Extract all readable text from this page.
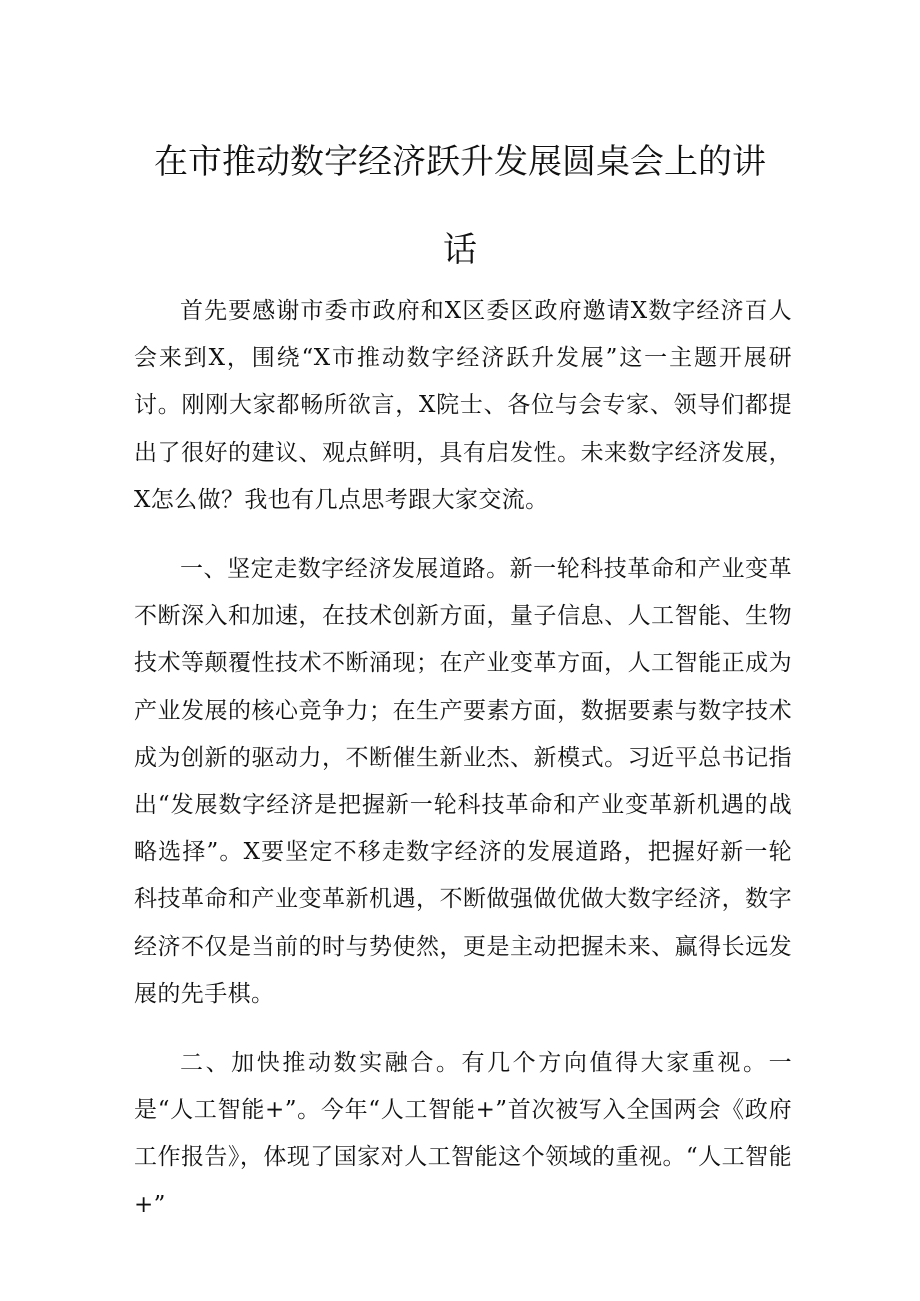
在市推动数字经济跃升发展圆桌会上的讲话

首先要感谢市委市政府和X区委区政府邀请X数字经济百人会来到X，围绕“X市推动数字经济跃升发展”这一主题开展研讨。刚刚大家都畅所欲言，X院士、各位与会专家、领导们都提出了很好的建议、观点鲜明，具有启发性。未来数字经济发展，X怎么做？我也有几点思考跟大家交流。

一、坚定走数字经济发展道路。新一轮科技革命和产业变革不断深入和加速，在技术创新方面，量子信息、人工智能、生物技术等颠覆性技术不断涌现；在产业变革方面，人工智能正成为产业发展的核心竞争力；在生产要素方面，数据要素与数字技术成为创新的驱动力，不断催生新业杰、新模式。习近平总书记指出“发展数字经济是把握新一轮科技革命和产业变革新机遇的战略选择”。X要坚定不移走数字经济的发展道路，把握好新一轮科技革命和产业变革新机遇，不断做强做优做大数字经济，数字经济不仅是当前的时与势使然，更是主动把握未来、赢得长远发展的先手棋。

二、加快推动数实融合。有几个方向值得大家重视。一是“人工智能+”。今年“人工智能+”首次被写入全国两会《政府工作报告》，体现了国家对人工智能这个领域的重视。“人工智能+”
